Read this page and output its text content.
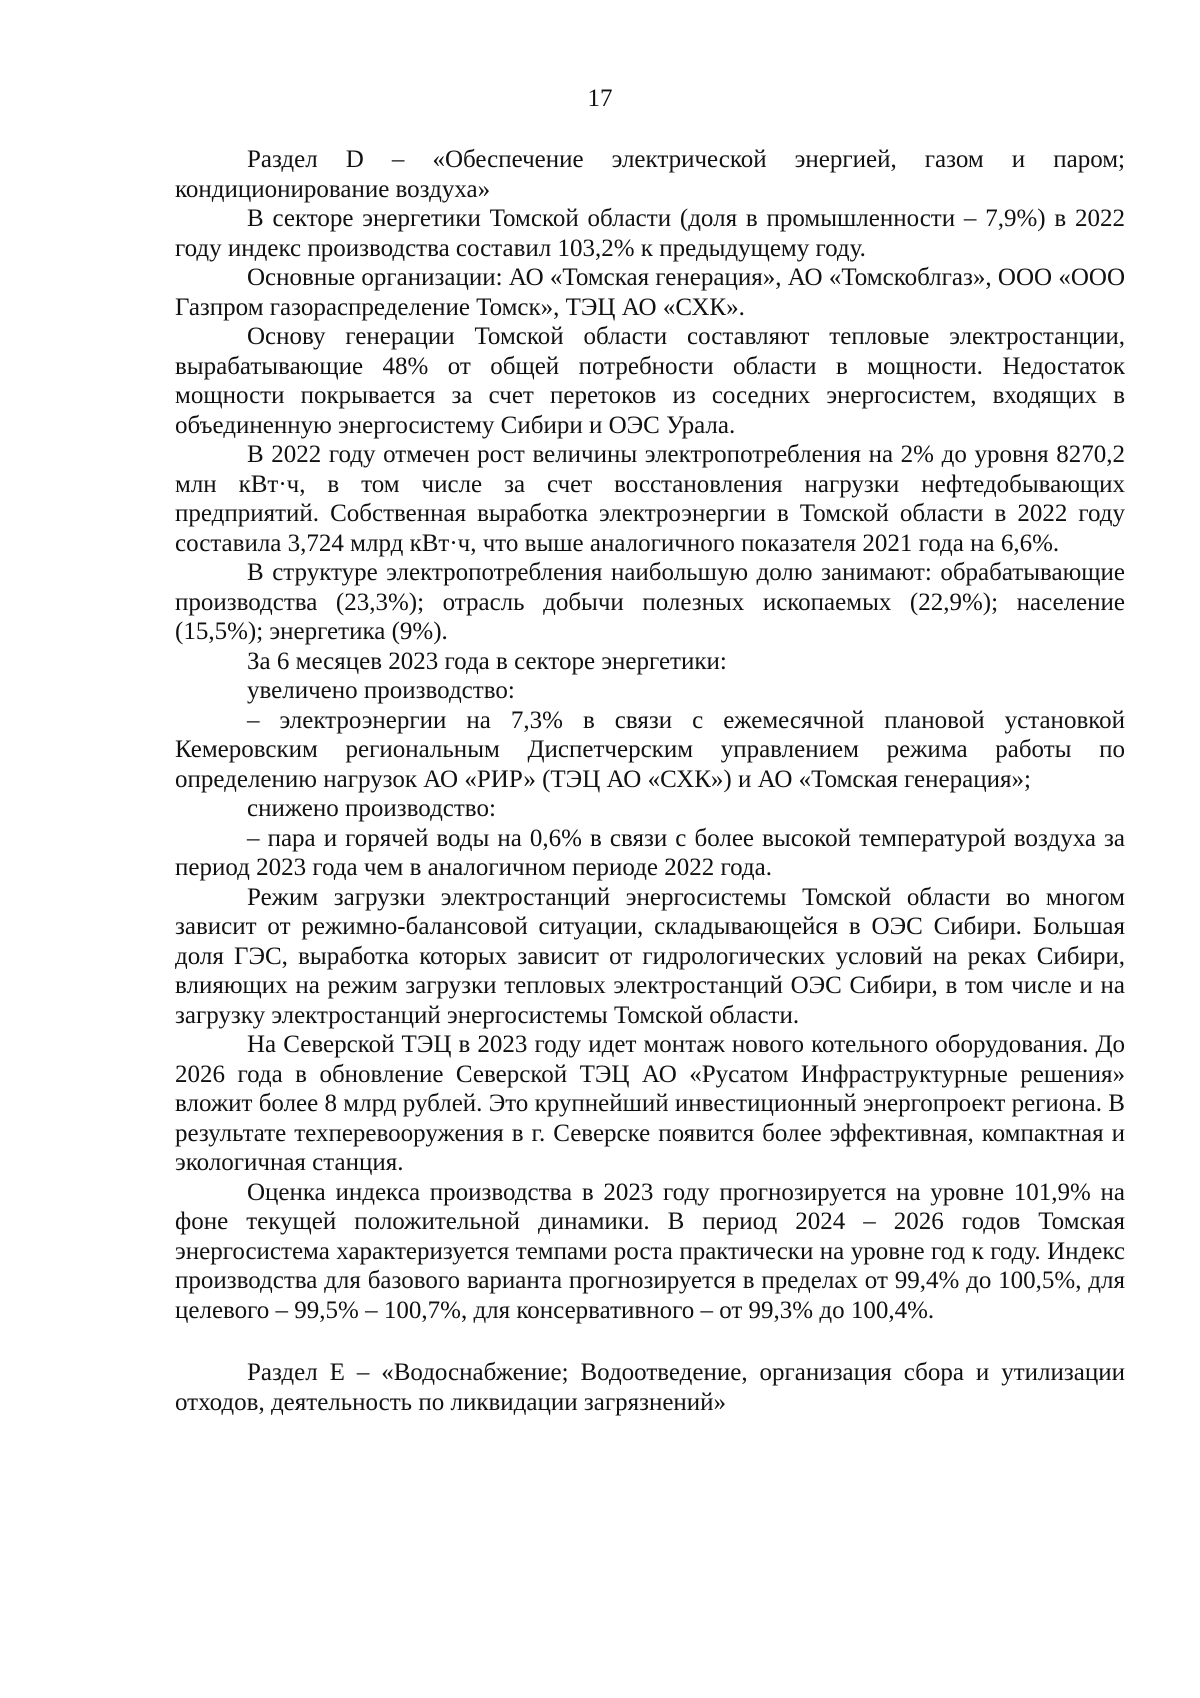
17

Раздел D – «Обеспечение электрической энергией, газом и паром; кондиционирование воздуха»

В секторе энергетики Томской области (доля в промышленности – 7,9%) в 2022 году индекс производства составил 103,2% к предыдущему году.

Основные организации: АО «Томская генерация», АО «Томскоблгаз», ООО «ООО Газпром газораспределение Томск», ТЭЦ АО «СХК».

Основу генерации Томской области составляют тепловые электростанции, вырабатывающие 48% от общей потребности области в мощности. Недостаток мощности покрывается за счет перетоков из соседних энергосистем, входящих в объединенную энергосистему Сибири и ОЭС Урала.

В 2022 году отмечен рост величины электропотребления на 2% до уровня 8270,2 млн кВт·ч, в том числе за счет восстановления нагрузки нефтедобывающих предприятий. Собственная выработка электроэнергии в Томской области в 2022 году составила 3,724 млрд кВт·ч, что выше аналогичного показателя 2021 года на 6,6%.

В структуре электропотребления наибольшую долю занимают: обрабатывающие производства (23,3%); отрасль добычи полезных ископаемых (22,9%); население (15,5%); энергетика (9%).

За 6 месяцев 2023 года в секторе энергетики:

увеличено производство:

– электроэнергии на 7,3% в связи с ежемесячной плановой установкой Кемеровским региональным Диспетчерским управлением режима работы по определению нагрузок АО «РИР» (ТЭЦ АО «СХК») и АО «Томская генерация»;

снижено производство:

– пара и горячей воды на 0,6% в связи с более высокой температурой воздуха за период 2023 года чем в аналогичном периоде 2022 года.

Режим загрузки электростанций энергосистемы Томской области во многом зависит от режимно-балансовой ситуации, складывающейся в ОЭС Сибири. Большая доля ГЭС, выработка которых зависит от гидрологических условий на реках Сибири, влияющих на режим загрузки тепловых электростанций ОЭС Сибири, в том числе и на загрузку электростанций энергосистемы Томской области.

На Северской ТЭЦ в 2023 году идет монтаж нового котельного оборудования. До 2026 года в обновление Северской ТЭЦ АО «Русатом Инфраструктурные решения» вложит более 8 млрд рублей. Это крупнейший инвестиционный энергопроект региона. В результате техперевооружения в г. Северске появится более эффективная, компактная и экологичная станция.

Оценка индекса производства в 2023 году прогнозируется на уровне 101,9% на фоне текущей положительной динамики. В период 2024 – 2026 годов Томская энергосистема характеризуется темпами роста практически на уровне год к году. Индекс производства для базового варианта прогнозируется в пределах от 99,4% до 100,5%, для целевого – 99,5% – 100,7%, для консервативного – от 99,3% до 100,4%.

Раздел E – «Водоснабжение; Водоотведение, организация сбора и утилизации отходов, деятельность по ликвидации загрязнений»
